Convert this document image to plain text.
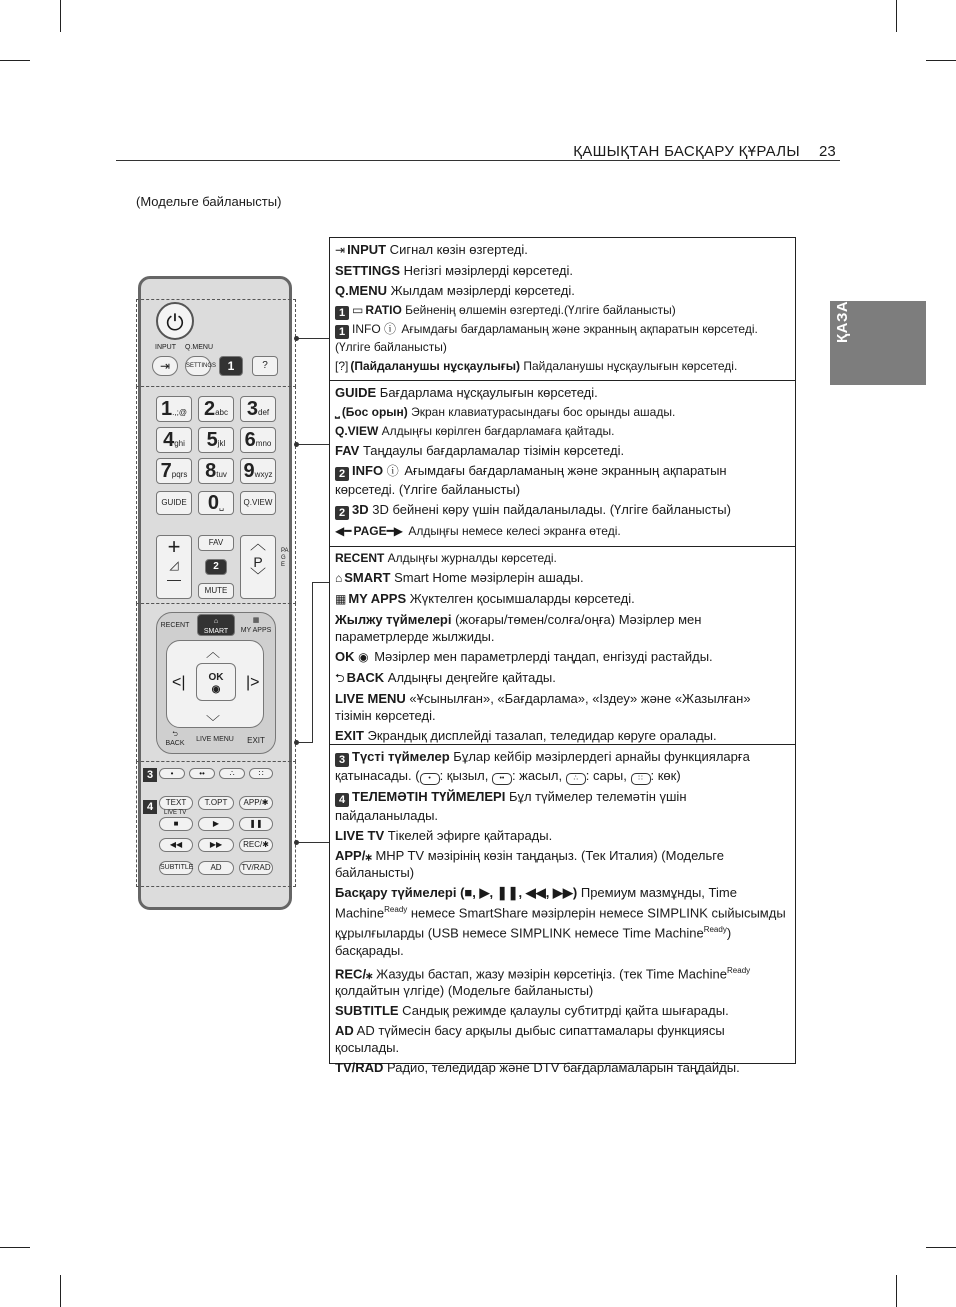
ҚАШЫҚТАН БАСҚАРУ ҚҰРАЛЫ 23
ҚАЗАҚША
(Модельге байланысты)
⏻
INPUT Q.MENU
⇥	SETTINGS 1	?
1.,;@ 2abc 3def
4ghi	5jkl 6mno
7pqrs 8tuv 9wxyz
GUIDE	0␣	Q.VIEW
+
◿
—
FAV
2
MUTE
︿
P
﹀
PAGE
RECENT
⌂
SMART
▦
MY APPS
︿
﹀
<|	|>
OK
◉
⮌
BACK
LIVE MENU	EXIT
•	••	∴	∷
TEXT
LIVE TV
T.OPT	APP/✱
■	▶	❚❚
◀◀	▶▶	REC/✱
SUBTITLE	AD	TV/RAD
3
4
⇥ INPUT Сигнал көзін өзгертеді.
SETTINGS Негізгі мәзірлерді көрсетеді.
Q.MENU Жылдам мәзірлерді көрсетеді.
1 ▭ RATIO Бейненің өлшемін өзгертеді.(Үлгіге байланысты)
1 INFO ⓘ Ағымдағы бағдарламаның және экранның ақпаратын көрсетеді. (Үлгіге байланысты)
[?] (Пайдаланушы нұсқаулығы) Пайдаланушы нұсқаулығын көрсетеді.
GUIDE Бағдарлама нұсқаулығын көрсетеді.
⎵ (Бос орын) Экран клавиатурасындағы бос орынды ашады.
Q.VIEW Алдыңғы көрілген бағдарламаға қайтады.
FAV Таңдаулы бағдарламалар тізімін көрсетеді.
2 INFO ⓘ Ағымдағы бағдарламаның және экранның ақпаратын көрсетеді. (Үлгіге байланысты)
2 3D 3D бейнені көру үшін пайдаланылады. (Үлгіге байланысты)
◀━ PAGE━▶ Алдыңғы немесе келесі экранға өтеді.
RECENT Алдыңғы журналды көрсетеді.
⌂ SMART Smart Home мәзірлерін ашады.
▦ MY APPS Жүктелген қосымшаларды көрсетеді.
Жылжу түймелері (жоғары/төмен/солға/оңға) Мәзірлер мен параметрлерде жылжиды.
OK ◉ Мәзірлер мен параметрлерді таңдап, енгізуді растайды.
⮌ BACK Алдыңғы деңгейге қайтады.
LIVE MENU «Ұсынылған», «Бағдарлама», «Іздеу» және «Жазылған» тізімін көрсетеді.
EXIT Экрандық дисплейді тазалап, теледидар көруге оралады.
3 Түсті түймелер Бұлар кейбір мәзірлердегі арнайы функцияларға қатынасады. ( • : қызыл, •• : жасыл, ∴ : сары, ∷ : көк)
4 ТЕЛЕМӘТІН ТҮЙМЕЛЕРІ Бұл түймелер телемәтін үшін пайдаланылады.
LIVE TV Тікелей эфирге қайтарады.
APP/⁎ MHP TV мәзірінің көзін таңдаңыз. (Тек Италия) (Модельге байланысты)
Басқару түймелері (■, ▶, ❚❚, ◀◀, ▶▶) Премиум мазмұнды, Time Machine$^{Ready}$ немесе SmartShare мәзірлерін немесе SIMPLINK сыйысымды құрылғыларды (USB немесе SIMPLINK немесе Time Machine$^{Ready}$) басқарады.
REC/⁎ Жазуды бастап, жазу мәзірін көрсетіңіз. (тек Time Machine$^{Ready}$ қолдайтын үлгіде) (Модельге байланысты)
SUBTITLE Сандық режимде қалаулы субтитрді қайта шығарады.
AD AD түймесін басу арқылы дыбыс сипаттамалары функциясы қосылады.
TV/RAD Радио, теледидар және DTV бағдарламаларын таңдайды.
